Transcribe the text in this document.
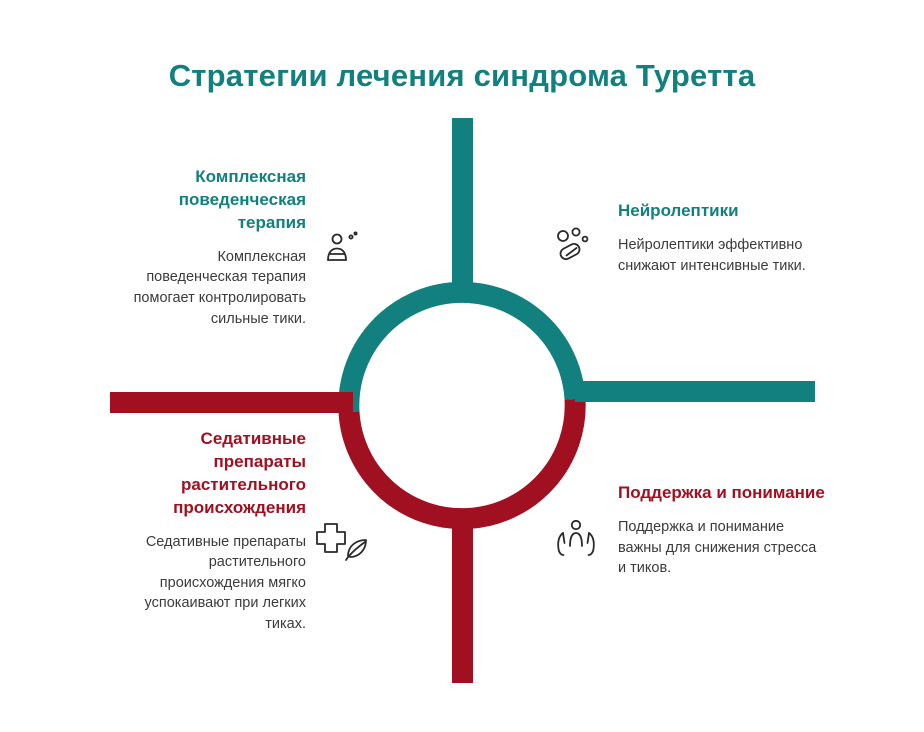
Стратегии лечения синдрома Туретта
Комплексная поведенческая терапия
Комплексная поведенческая терапия помогает контролировать сильные тики.
Нейролептики
Нейролептики эффективно снижают интенсивные тики.
Седативные препараты растительного происхождения
Седативные препараты растительного происхождения мягко успокаивают при легких тиках.
Поддержка и понимание
Поддержка и понимание важны для снижения стресса и тиков.
